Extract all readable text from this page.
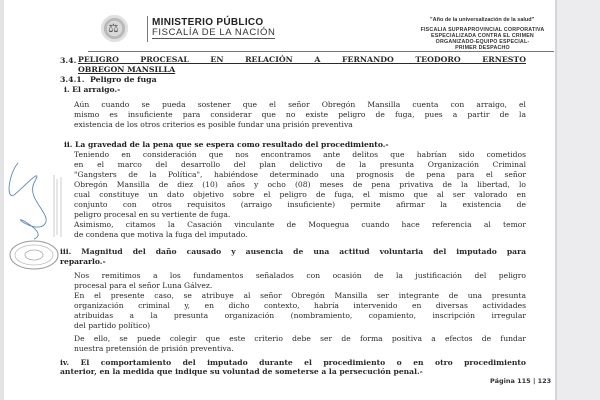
⚖	MINISTERIO PÚBLICO
FISCALÍA DE LA NACIÓN
"Año de la universalización de la salud"
FISCALIA SUPRAPROVINCIAL CORPORATIVA
ESPECIALIZADA CONTRA EL CRIMEN
ORGANIZADO-EQUIPO ESPECIAL-
PRIMER DESPACHO
3.4. PELIGRO PROCESAL EN RELACIÓN A FERNANDO TEODORO ERNESTO
OBREGON MANSILLA
3.4.1. Peligro de fuga
i. El arraigo.-
Aún cuando se pueda sostener que el señor Obregón Mansilla cuenta con arraigo, el
mismo es insuficiente para considerar que no existe peligro de fuga, pues a partir de la
existencia de los otros criterios es posible fundar una prisión preventiva
ii. La gravedad de la pena que se espera como resultado del procedimiento.-
Teniendo en consideración que nos encontramos ante delitos que habrían sido cometidos
en el marco del desarrollo del plan delictivo de la presunta Organización Criminal
"Gangsters de la Política", habiéndose determinado una prognosis de pena para el señor
Obregón Mansilla de diez (10) años y ocho (08) meses de pena privativa de la libertad, lo
cual constituye un dato objetivo sobre el peligro de fuga, el mismo que al ser valorado en
conjunto con otros requisitos (arraigo insuficiente) permite afirmar la existencia de
peligro procesal en su vertiente de fuga.
Asimismo, citamos la Casación vinculante de Moquegua cuando hace referencia al temor
de condena que motiva la fuga del imputado.
iii. Magnitud del daño causado y ausencia de una actitud voluntaria del imputado para
repararlo.-
Nos remitimos a los fundamentos señalados con ocasión de la justificación del peligro
procesal para el señor Luna Gálvez.
En el presente caso, se atribuye al señor Obregón Mansilla ser integrante de una presunta
organización criminal y, en dicho contexto, habría intervenido en diversas actividades
atribuidas a la presunta organización (nombramiento, copamiento, inscripción irregular
del partido político)
De ello, se puede colegir que este criterio debe ser de forma positiva a efectos de fundar
nuestra pretensión de prisión preventiva.
iv. El comportamiento del imputado durante el procedimiento o en otro procedimiento
anterior, en la medida que indique su voluntad de someterse a la persecución penal.-
Página 115 | 123
